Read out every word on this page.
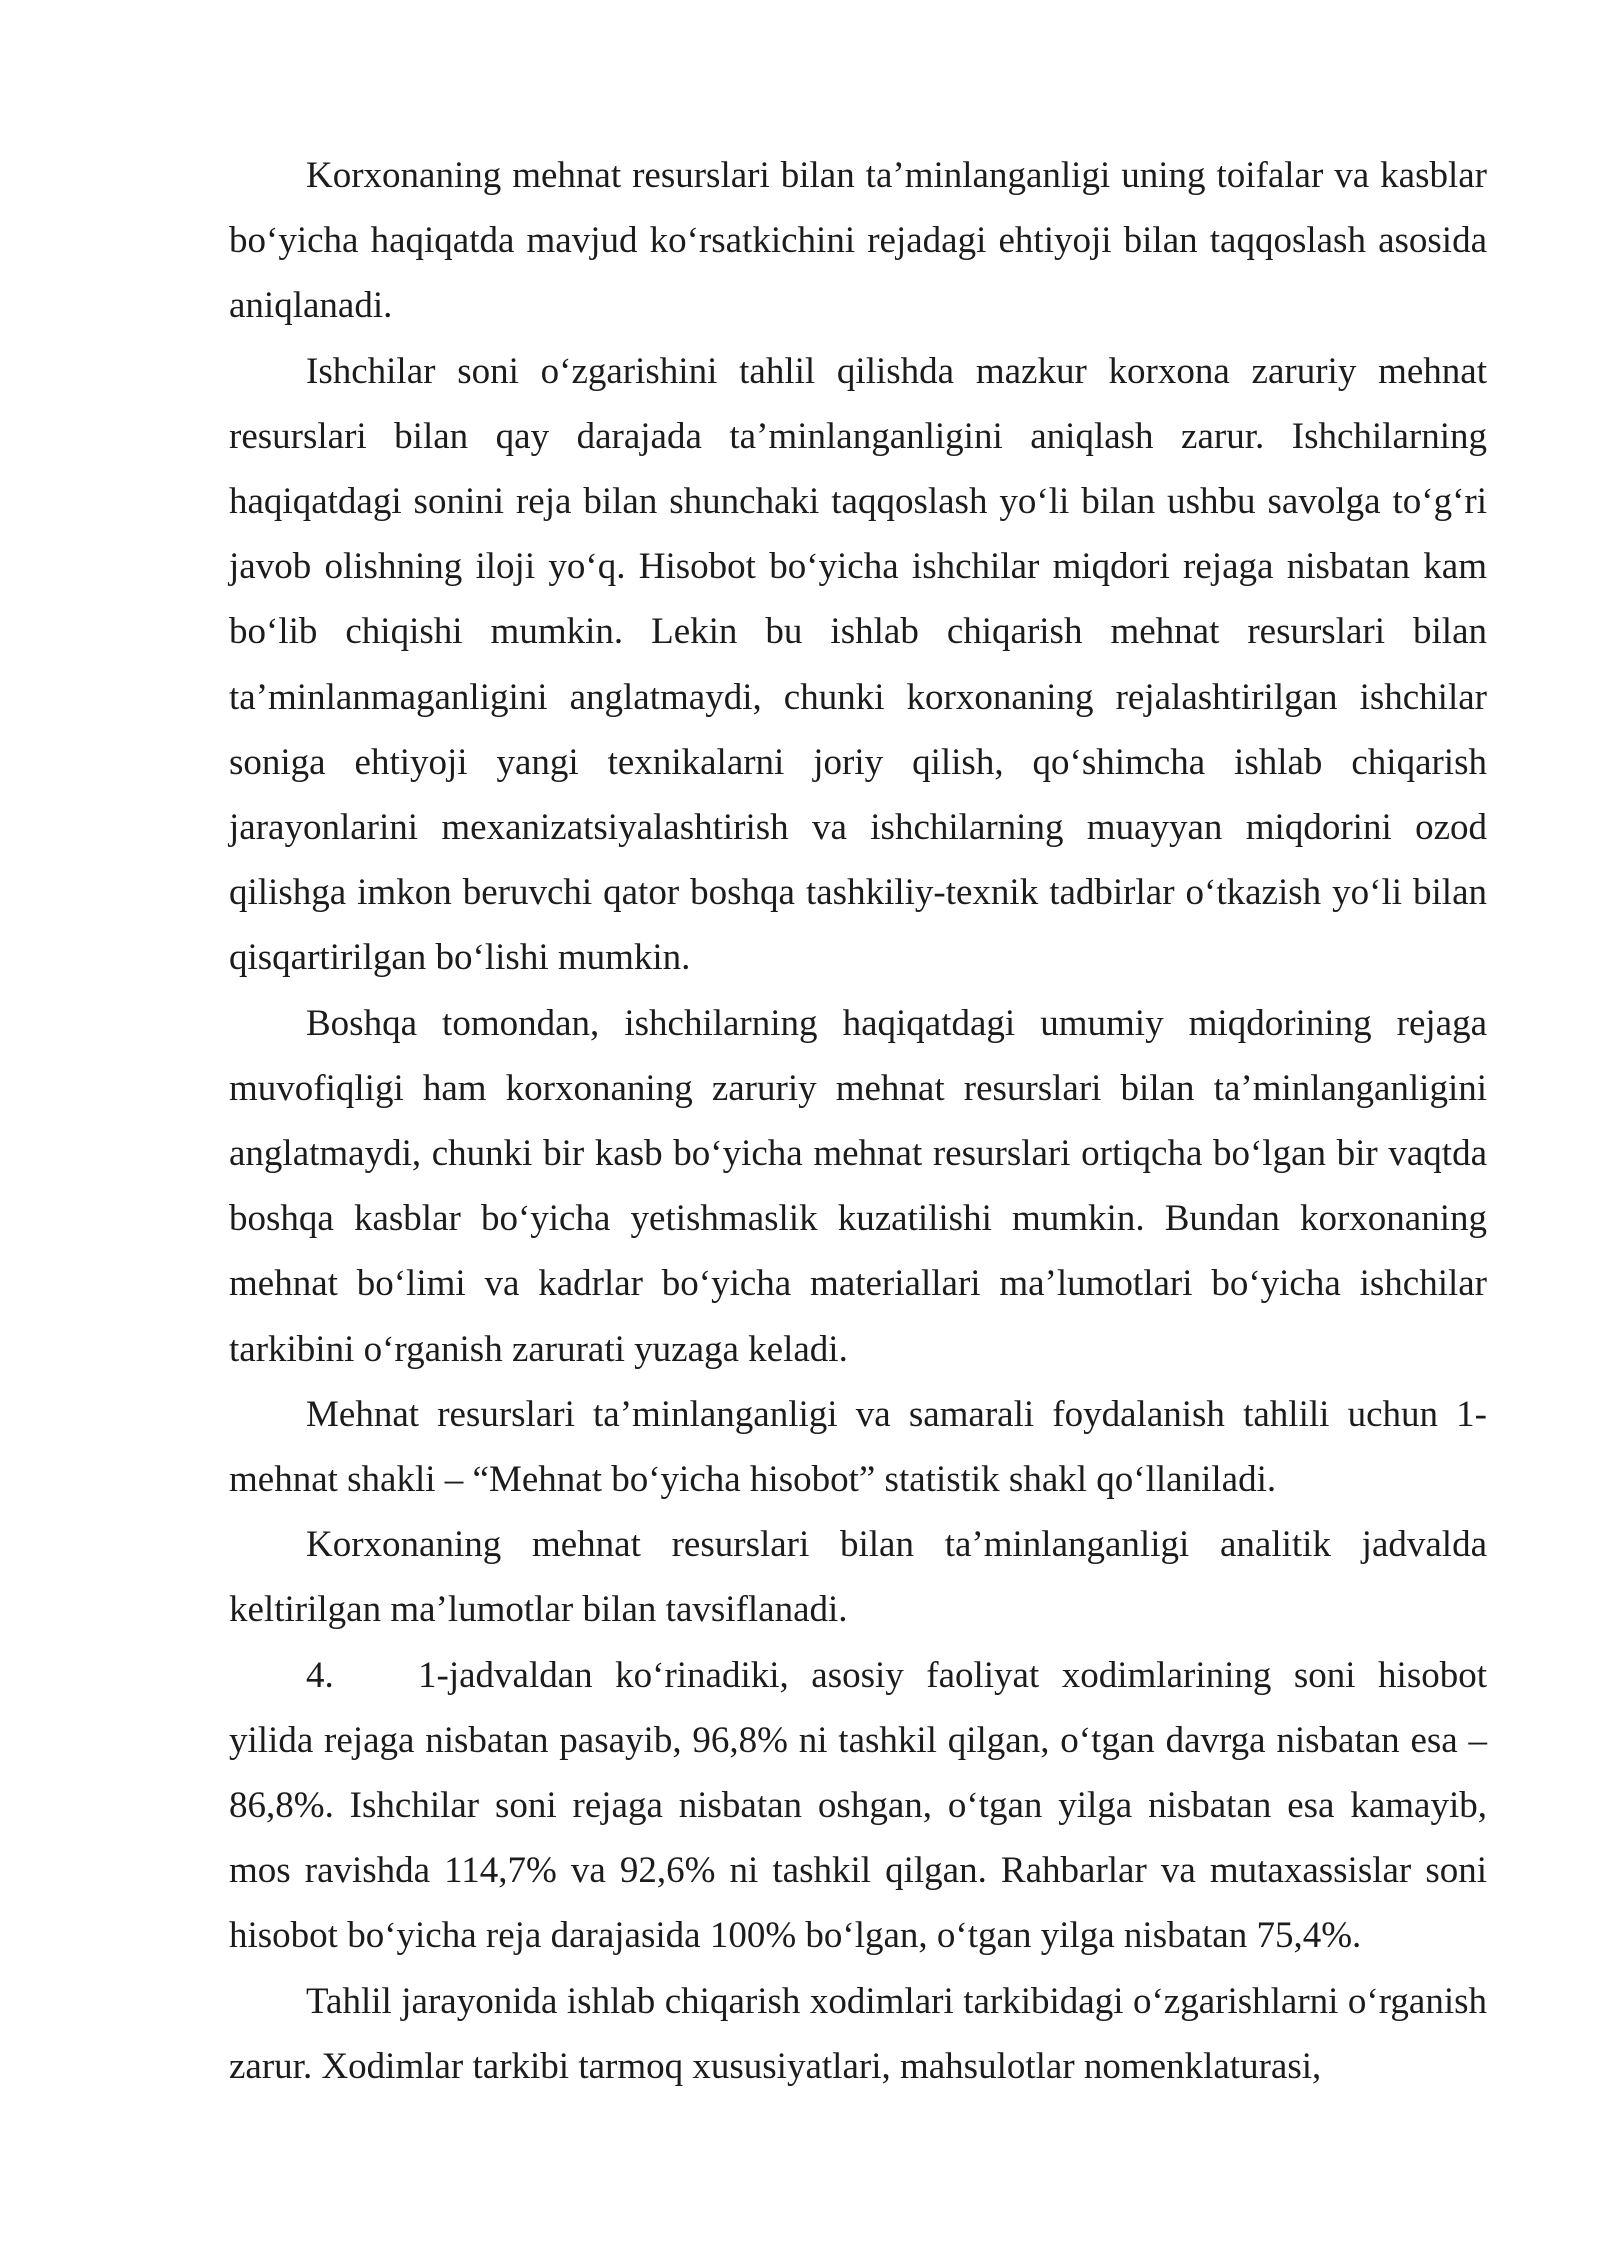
Korxonaning mehnat resurslari bilan ta’minlanganligi uning toifalar va kasblar bo‘yicha haqiqatda mavjud ko‘rsatkichini rejadagi ehtiyoji bilan taqqoslash asosida aniqlanadi.

Ishchilar soni o‘zgarishini tahlil qilishda mazkur korxona zaruriy mehnat resurslari bilan qay darajada ta’minlanganligini aniqlash zarur. Ishchilarning haqiqatdagi sonini reja bilan shunchaki taqqoslash yo‘li bilan ushbu savolga to‘g‘ri javob olishning iloji yo‘q. Hisobot bo‘yicha ishchilar miqdori rejaga nisbatan kam bo‘lib chiqishi mumkin. Lekin bu ishlab chiqarish mehnat resurslari bilan ta’minlanmaganligini anglatmaydi, chunki korxonaning rejalashtirilgan ishchilar soniga ehtiyoji yangi texnikalarni joriy qilish, qo‘shimcha ishlab chiqarish jarayonlarini mexanizatsiyalashtirish va ishchilarning muayyan miqdorini ozod qilishga imkon beruvchi qator boshqa tashkiliy-texnik tadbirlar o‘tkazish yo‘li bilan qisqartirilgan bo‘lishi mumkin.

Boshqa tomondan, ishchilarning haqiqatdagi umumiy miqdorining rejaga muvofiqligi ham korxonaning zaruriy mehnat resurslari bilan ta’minlanganligini anglatmaydi, chunki bir kasb bo‘yicha mehnat resurslari ortiqcha bo‘lgan bir vaqtda boshqa kasblar bo‘yicha yetishmaslik kuzatilishi mumkin. Bundan korxonaning mehnat bo‘limi va kadrlar bo‘yicha materiallari ma’lumotlari bo‘yicha ishchilar tarkibini o‘rganish zarurati yuzaga keladi.

Mehnat resurslari ta’minlanganligi va samarali foydalanish tahlili uchun 1-mehnat shakli – “Mehnat bo‘yicha hisobot” statistik shakl qo‘llaniladi.

Korxonaning mehnat resurslari bilan ta’minlanganligi analitik jadvalda keltirilgan ma’lumotlar bilan tavsiflanadi.

4. 1-jadvaldan ko‘rinadiki, asosiy faoliyat xodimlarining soni hisobot yilida rejaga nisbatan pasayib, 96,8% ni tashkil qilgan, o‘tgan davrga nisbatan esa – 86,8%. Ishchilar soni rejaga nisbatan oshgan, o‘tgan yilga nisbatan esa kamayib, mos ravishda 114,7% va 92,6% ni tashkil qilgan. Rahbarlar va mutaxassislar soni hisobot bo‘yicha reja darajasida 100% bo‘lgan, o‘tgan yilga nisbatan 75,4%.

Tahlil jarayonida ishlab chiqarish xodimlari tarkibidagi o‘zgarishlarni o‘rganish zarur. Xodimlar tarkibi tarmoq xususiyatlari, mahsulotlar nomenklaturasi,
